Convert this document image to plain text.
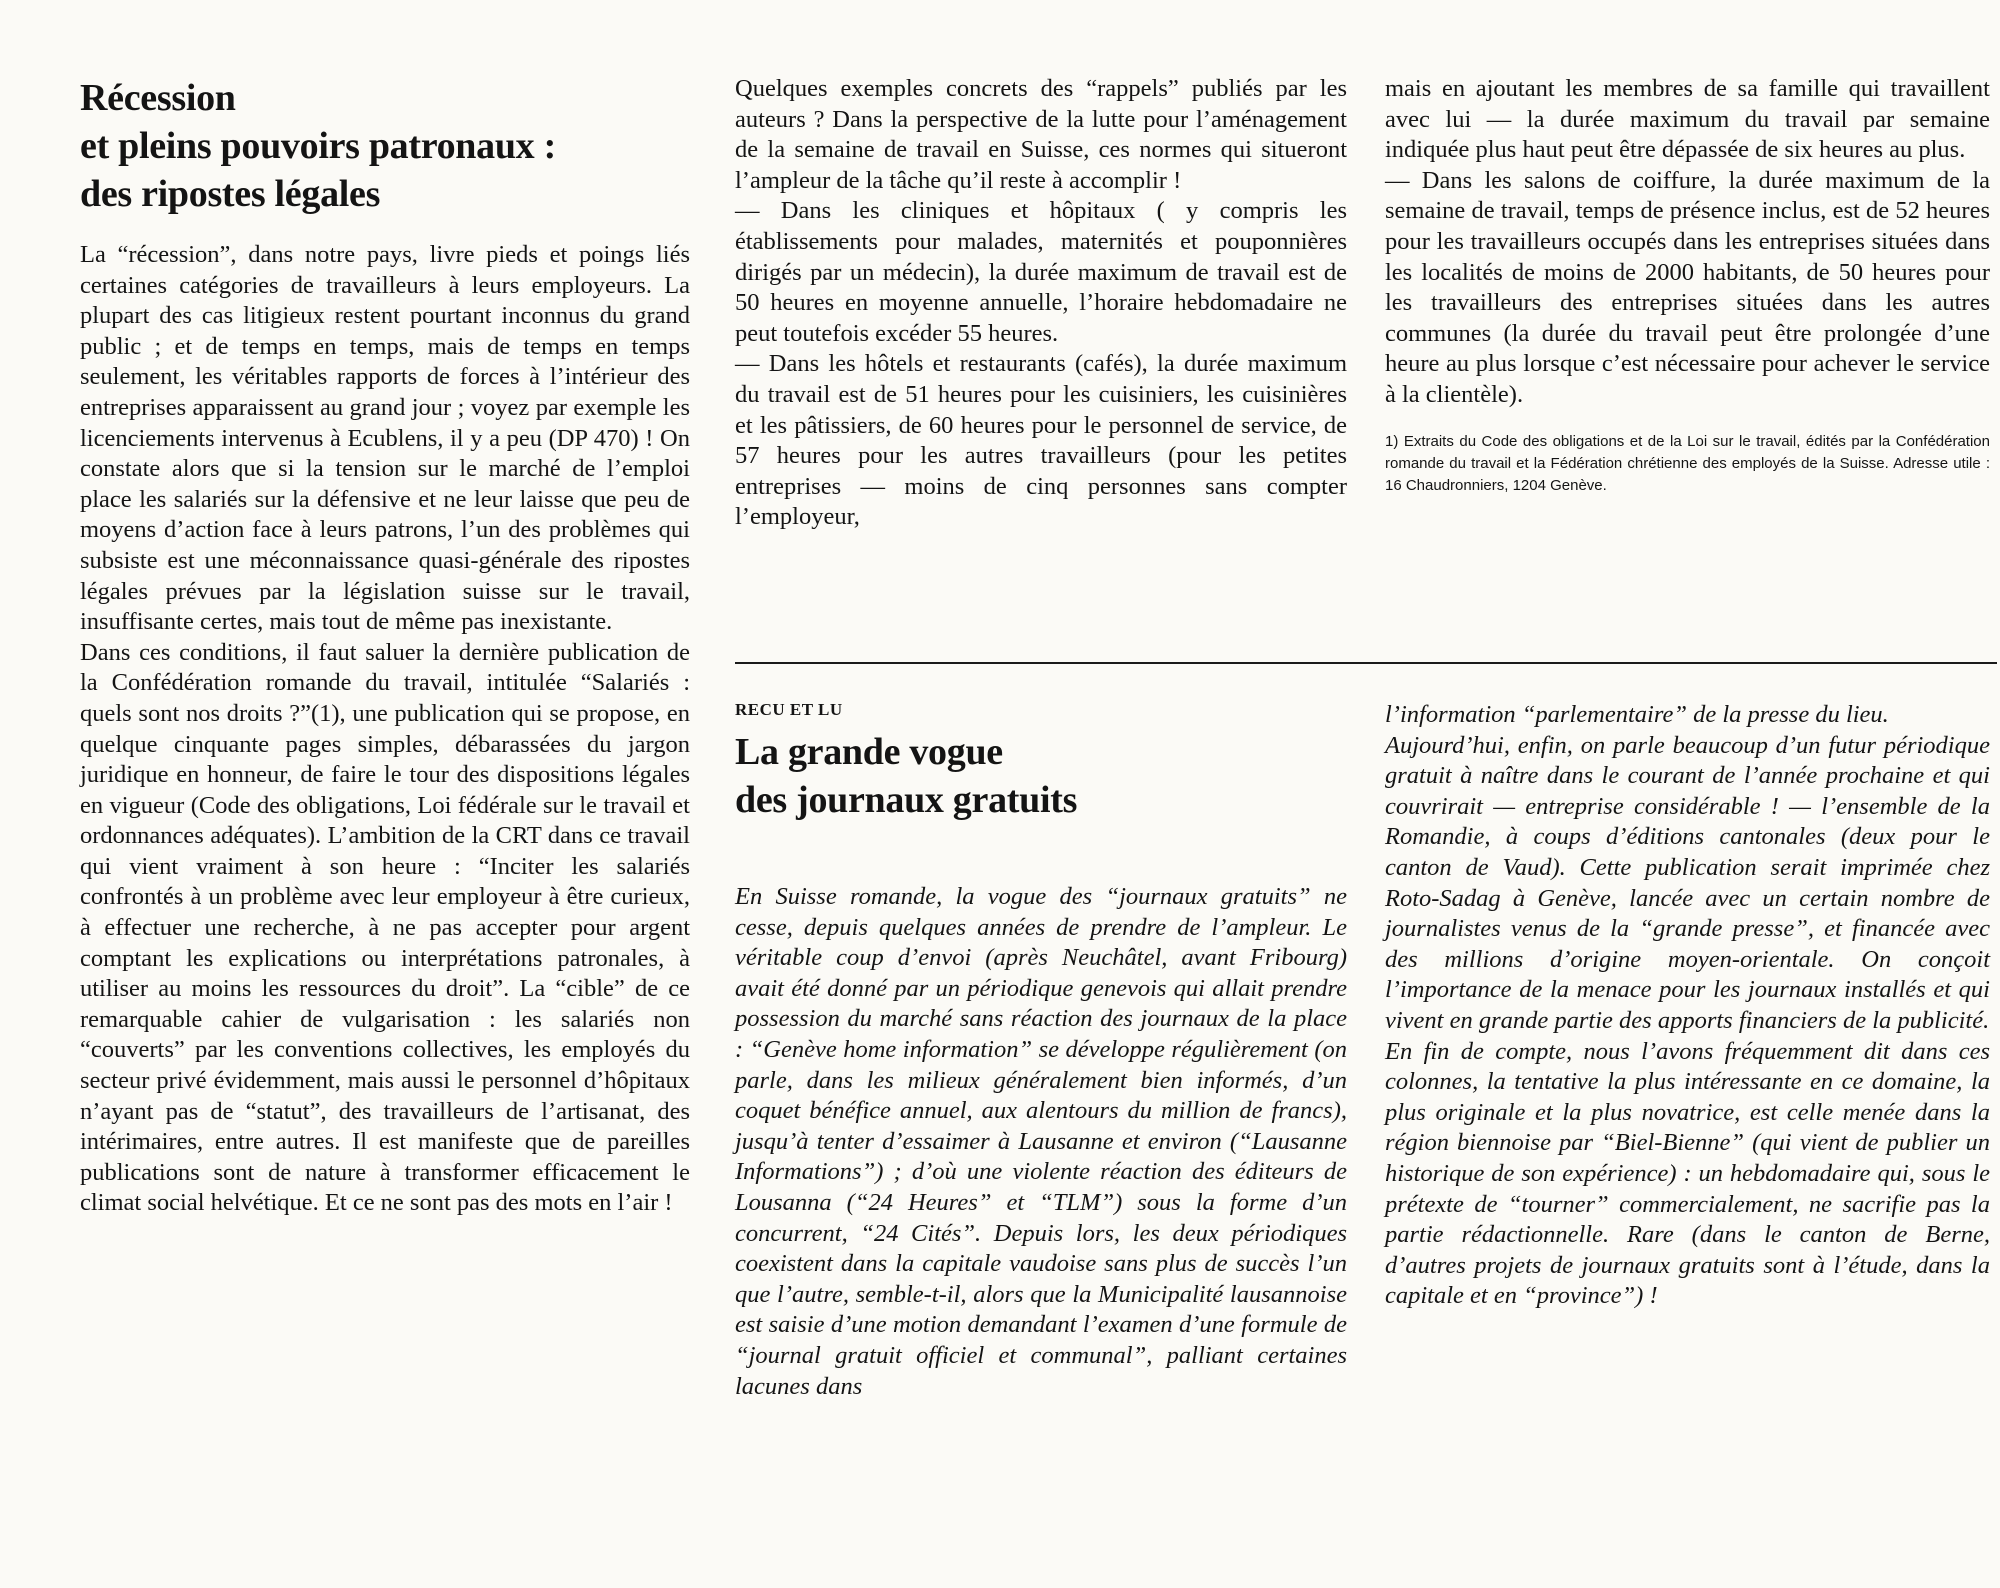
Récession
et pleins pouvoirs patronaux :
des ripostes légales

La “récession”, dans notre pays, livre pieds et poings liés certaines catégories de travailleurs à leurs employeurs. La plupart des cas litigieux restent pourtant inconnus du grand public ; et de temps en temps, mais de temps en temps seulement, les véritables rapports de forces à l’intérieur des entreprises apparaissent au grand jour ; voyez par exemple les licenciements intervenus à Ecublens, il y a peu (DP 470) ! On constate alors que si la tension sur le marché de l’emploi place les salariés sur la défensive et ne leur laisse que peu de moyens d’action face à leurs patrons, l’un des problèmes qui subsiste est une méconnaissance quasi-générale des ripostes légales prévues par la législation suisse sur le travail, insuffisante certes, mais tout de même pas inexistante.

Dans ces conditions, il faut saluer la dernière publication de la Confédération romande du travail, intitulée “Salariés : quels sont nos droits ?”(1), une publication qui se propose, en quelque cinquante pages simples, débarassées du jargon juridique en honneur, de faire le tour des dispositions légales en vigueur (Code des obligations, Loi fédérale sur le travail et ordonnances adéquates). L’ambition de la CRT dans ce travail qui vient vraiment à son heure : “Inciter les salariés confrontés à un problème avec leur employeur à être curieux, à effectuer une recherche, à ne pas accepter pour argent comptant les explications ou interprétations patronales, à utiliser au moins les ressources du droit”. La “cible” de ce remarquable cahier de vulgarisation : les salariés non “couverts” par les conventions collectives, les employés du secteur privé évidemment, mais aussi le personnel d’hôpitaux n’ayant pas de “statut”, des travailleurs de l’artisanat, des intérimaires, entre autres. Il est manifeste que de pareilles publications sont de nature à transformer efficacement le climat social helvétique. Et ce ne sont pas des mots en l’air !

Quelques exemples concrets des “rappels” publiés par les auteurs ? Dans la perspective de la lutte pour l’aménagement de la semaine de travail en Suisse, ces normes qui situeront l’ampleur de la tâche qu’il reste à accomplir !

— Dans les cliniques et hôpitaux ( y compris les établissements pour malades, maternités et pouponnières dirigés par un médecin), la durée maximum de travail est de 50 heures en moyenne annuelle, l’horaire hebdomadaire ne peut toutefois excéder 55 heures.

— Dans les hôtels et restaurants (cafés), la durée maximum du travail est de 51 heures pour les cuisiniers, les cuisinières et les pâtissiers, de 60 heures pour le personnel de service, de 57 heures pour les autres travailleurs (pour les petites entreprises — moins de cinq personnes sans compter l’employeur,

mais en ajoutant les membres de sa famille qui travaillent avec lui — la durée maximum du travail par semaine indiquée plus haut peut être dépassée de six heures au plus.

— Dans les salons de coiffure, la durée maximum de la semaine de travail, temps de présence inclus, est de 52 heures pour les travailleurs occupés dans les entreprises situées dans les localités de moins de 2000 habitants, de 50 heures pour les travailleurs des entreprises situées dans les autres communes (la durée du travail peut être prolongée d’une heure au plus lorsque c’est nécessaire pour achever le service à la clientèle).

1) Extraits du Code des obligations et de la Loi sur le travail, édités par la Confédération romande du travail et la Fédération chrétienne des employés de la Suisse. Adresse utile : 16 Chaudronniers, 1204 Genève.

RECU ET LU

La grande vogue
des journaux gratuits

En Suisse romande, la vogue des “journaux gratuits” ne cesse, depuis quelques années de prendre de l’ampleur. Le véritable coup d’envoi (après Neuchâtel, avant Fribourg) avait été donné par un périodique genevois qui allait prendre possession du marché sans réaction des journaux de la place : “Genève home information” se développe régulièrement (on parle, dans les milieux généralement bien informés, d’un coquet bénéfice annuel, aux alentours du million de francs), jusqu’à tenter d’essaimer à Lausanne et environ (“Lausanne Informations”) ; d’où une violente réaction des éditeurs de Lousanna (“24 Heures” et “TLM”) sous la forme d’un concurrent, “24 Cités”. Depuis lors, les deux périodiques coexistent dans la capitale vaudoise sans plus de succès l’un que l’autre, semble-t-il, alors que la Municipalité lausannoise est saisie d’une motion demandant l’examen d’une formule de “journal gratuit officiel et communal”, palliant certaines lacunes dans

l’information “parlementaire” de la presse du lieu.

Aujourd’hui, enfin, on parle beaucoup d’un futur périodique gratuit à naître dans le courant de l’année prochaine et qui couvrirait — entreprise considérable ! — l’ensemble de la Romandie, à coups d’éditions cantonales (deux pour le canton de Vaud). Cette publication serait imprimée chez Roto-Sadag à Genève, lancée avec un certain nombre de journalistes venus de la “grande presse”, et financée avec des millions d’origine moyen-orientale. On conçoit l’importance de la menace pour les journaux installés et qui vivent en grande partie des apports financiers de la publicité.

En fin de compte, nous l’avons fréquemment dit dans ces colonnes, la tentative la plus intéressante en ce domaine, la plus originale et la plus novatrice, est celle menée dans la région biennoise par “Biel-Bienne” (qui vient de publier un historique de son expérience) : un hebdomadaire qui, sous le prétexte de “tourner” commercialement, ne sacrifie pas la partie rédactionnelle. Rare (dans le canton de Berne, d’autres projets de journaux gratuits sont à l’étude, dans la capitale et en “province”) !
